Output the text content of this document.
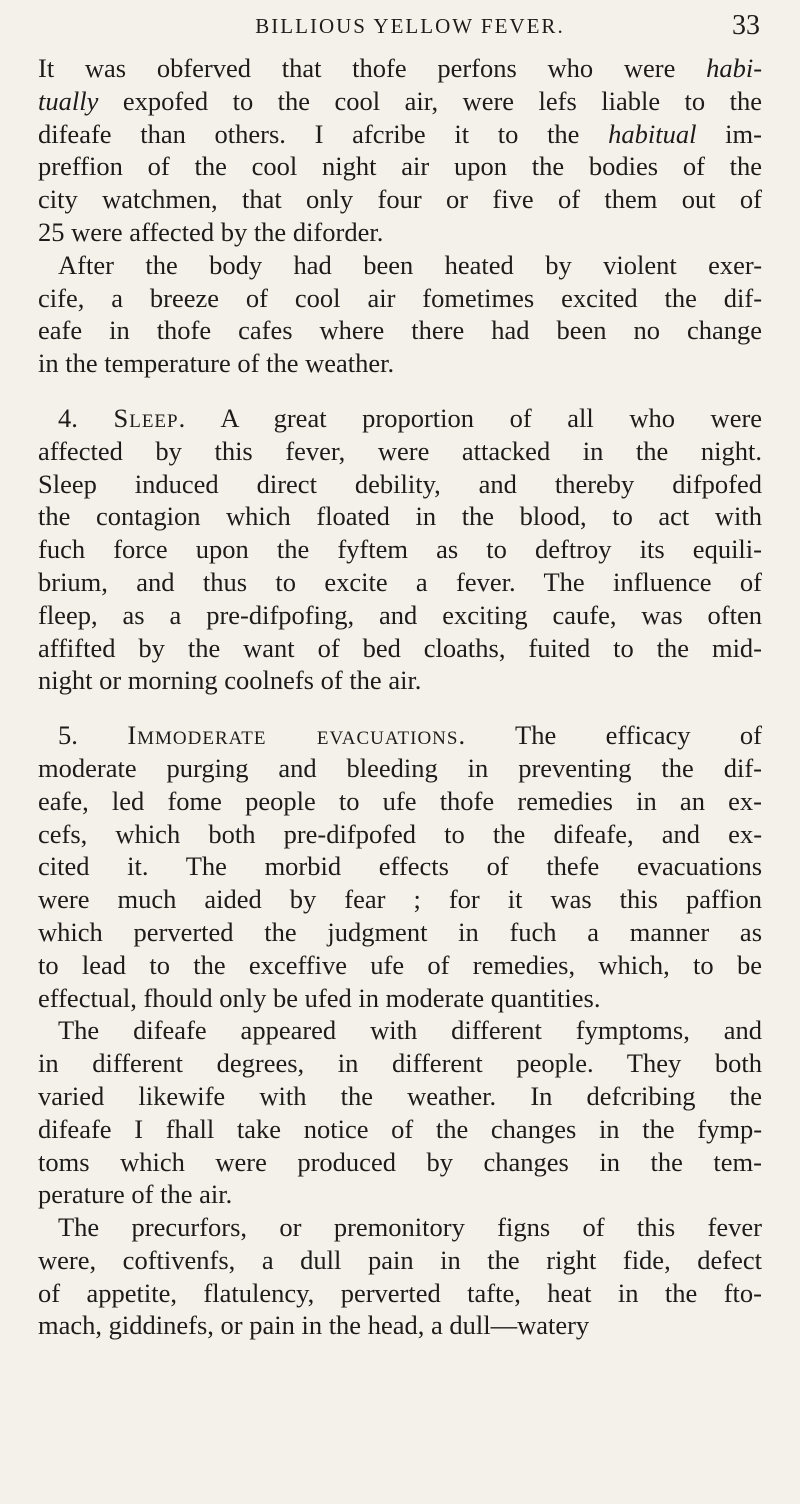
BILLIOUS YELLOW FEVER.	33
It was obferved that thofe perfons who were habi-
tually expofed to the cool air, were lefs liable to the
difeafe than others. I afcribe it to the habitual im-
preffion of the cool night air upon the bodies of the
city watchmen, that only four or five of them out of
25 were affected by the diforder.
After the body had been heated by violent exer-
cife, a breeze of cool air fometimes excited the dif-
eafe in thofe cafes where there had been no change
in the temperature of the weather.
4. Sleep. A great proportion of all who were
affected by this fever, were attacked in the night.
Sleep induced direct debility, and thereby difpofed
the contagion which floated in the blood, to act with
fuch force upon the fyftem as to deftroy its equili-
brium, and thus to excite a fever. The influence of
fleep, as a pre-difpofing, and exciting caufe, was often
affifted by the want of bed cloaths, fuited to the mid-
night or morning coolnefs of the air.
5. Immoderate evacuations. The efficacy of
moderate purging and bleeding in preventing the dif-
eafe, led fome people to ufe thofe remedies in an ex-
cefs, which both pre-difpofed to the difeafe, and ex-
cited it. The morbid effects of thefe evacuations
were much aided by fear ; for it was this paffion
which perverted the judgment in fuch a manner as
to lead to the exceffive ufe of remedies, which, to be
effectual, fhould only be ufed in moderate quantities.
The difeafe appeared with different fymptoms, and
in different degrees, in different people. They both
varied likewife with the weather. In defcribing the
difeafe I fhall take notice of the changes in the fymp-
toms which were produced by changes in the tem-
perature of the air.
The precurfors, or premonitory figns of this fever
were, coftivenfs, a dull pain in the right fide, defect
of appetite, flatulency, perverted tafte, heat in the fto-
mach, giddinefs, or pain in the head, a dull—watery
